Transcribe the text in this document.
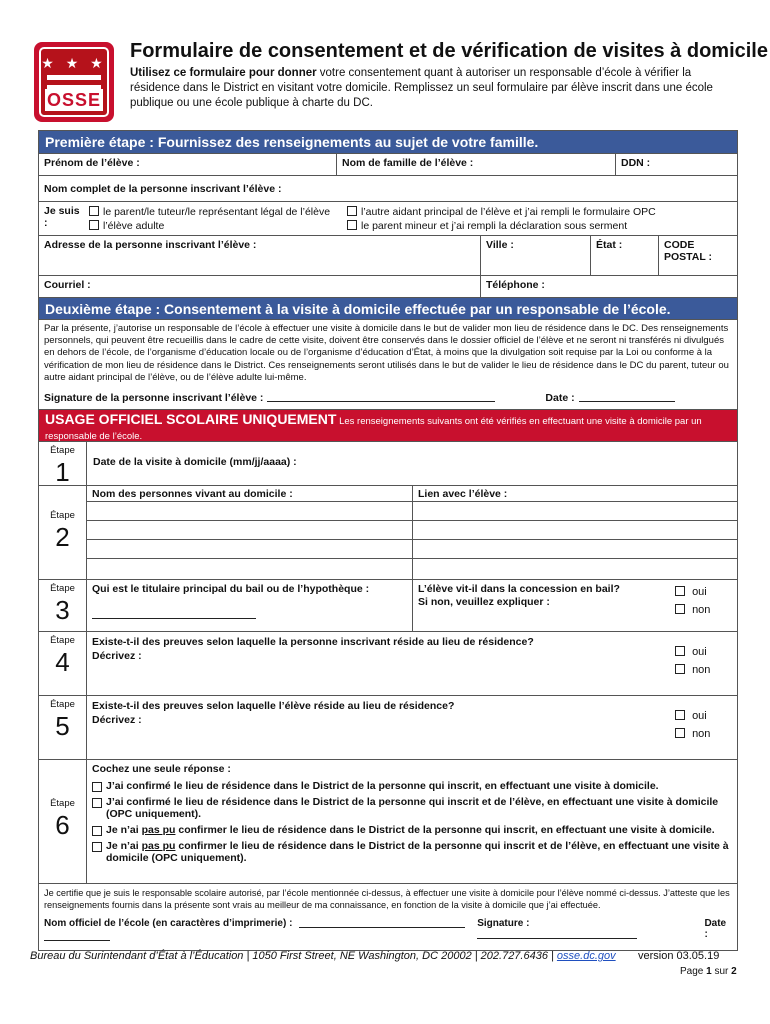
★ ★ ★
OSSE
Formulaire de consentement et de vérification de visites à domicile
Utilisez ce formulaire pour donner votre consentement quant à autoriser un responsable d’école à vérifier la résidence dans le District en visitant votre domicile. Remplissez un seul formulaire par élève inscrit dans une école publique ou une école publique à charte du DC.
Première étape : Fournissez des renseignements au sujet de votre famille.
Prénom de l’élève :	Nom de famille de l’élève :	DDN :
Nom complet de la personne inscrivant l’élève :
Je suis :
le parent/le tuteur/le représentant légal de l’élève
l’élève adulte
l’autre aidant principal de l’élève et j’ai rempli le formulaire OPC
le parent mineur et j’ai rempli la déclaration sous serment
Adresse de la personne inscrivant l’élève :	Ville :	État :	CODE POSTAL :
Courriel :	Téléphone :
Deuxième étape : Consentement à la visite à domicile effectuée par un responsable de l’école.
Par la présente, j’autorise un responsable de l’école à effectuer une visite à domicile dans le but de valider mon lieu de résidence dans le DC. Des renseignements personnels, qui peuvent être recueillis dans le cadre de cette visite, doivent être conservés dans le dossier officiel de l’élève et ne seront ni transférés ni divulgués en dehors de l’école, de l’organisme d’éducation locale ou de l’organisme d’éducation d’État, à moins que la divulgation soit requise par la Loi ou conforme à la vérification de mon lieu de résidence dans le District. Ces renseignements seront utilisés dans le but de valider le lieu de résidence dans le DC du parent, tuteur ou autre aidant principal de l’élève, ou de l’élève adulte lui-même.
Signature de la personne inscrivant l’élève :	Date :
USAGE OFFICIEL SCOLAIRE UNIQUEMENT Les renseignements suivants ont été vérifiés en effectuant une visite à domicile par un responsable de l’école.
Étape
1	Date de la visite à domicile (mm/jj/aaaa) :
Étape
2
Nom des personnes vivant au domicile :	Lien avec l’élève :
Étape
3
Qui est le titulaire principal du bail ou de l’hypothèque :	L’élève vit-il dans la concession en bail?
Si non, veuillez expliquer :
oui
non
Étape
4
Existe-t-il des preuves selon laquelle la personne inscrivant réside au lieu de résidence?
Décrivez :	oui
non
Étape
5
Existe-t-il des preuves selon laquelle l’élève réside au lieu de résidence?
Décrivez :	oui
non
Étape
6
Cochez une seule réponse :
J’ai confirmé le lieu de résidence dans le District de la personne qui inscrit, en effectuant une visite à domicile.
J’ai confirmé le lieu de résidence dans le District de la personne qui inscrit et de l’élève, en effectuant une visite à domicile (OPC uniquement).
Je n’ai pas pu confirmer le lieu de résidence dans le District de la personne qui inscrit, en effectuant une visite à domicile.
Je n’ai pas pu confirmer le lieu de résidence dans le District de la personne qui inscrit et de l’élève, en effectuant une visite à domicile (OPC uniquement).
Je certifie que je suis le responsable scolaire autorisé, par l’école mentionnée ci-dessus, à effectuer une visite à domicile pour l’élève nommé ci-dessus. J’atteste que les renseignements fournis dans la présente sont vrais au meilleur de ma connaissance, en fonction de la visite à domicile que j’ai effectuée.
Nom officiel de l’école (en caractères d’imprimerie) :	Signature :	Date :
Bureau du Surintendant d’État à l’Éducation | 1050 First Street, NE Washington, DC 20002 | 202.727.6436 | osse.dc.gov version 03.05.19
Page 1 sur 2
